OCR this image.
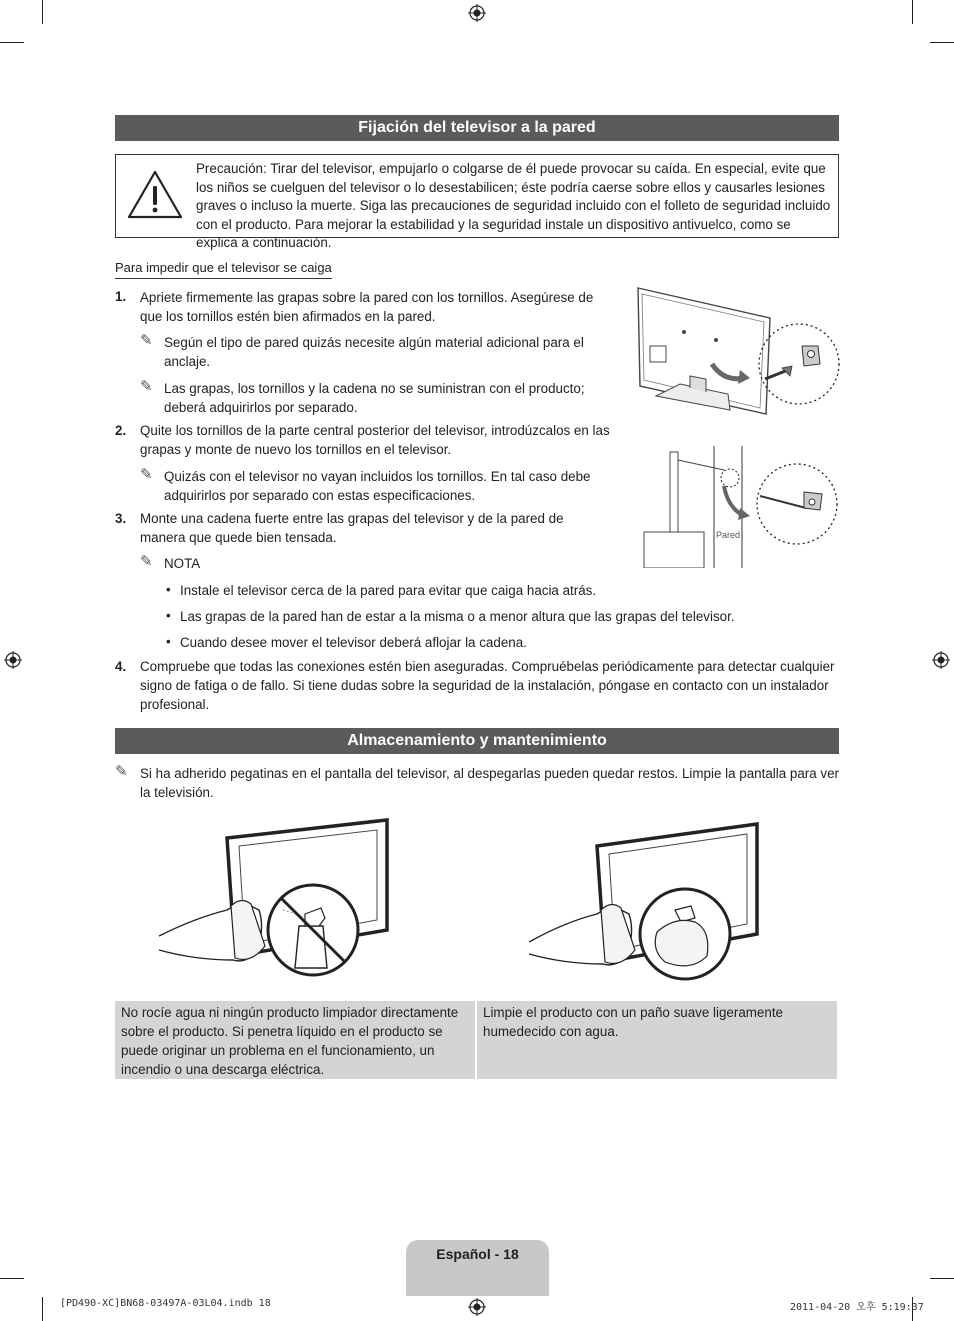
Fijación del televisor a la pared
Precaución: Tirar del televisor, empujarlo o colgarse de él puede provocar su caída. En especial, evite que los niños se cuelguen del televisor o lo desestabilicen; éste podría caerse sobre ellos y causarles lesiones graves o incluso la muerte. Siga las precauciones de seguridad incluido con el folleto de seguridad incluido con el producto. Para mejorar la estabilidad y la seguridad instale un dispositivo antivuelco, como se explica a continuación.
Para impedir que el televisor se caiga
1. Apriete firmemente las grapas sobre la pared con los tornillos. Asegúrese de que los tornillos estén bien afirmados en la pared.
✎ Según el tipo de pared quizás necesite algún material adicional para el anclaje.
✎ Las grapas, los tornillos y la cadena no se suministran con el producto; deberá adquirirlos por separado.
2. Quite los tornillos de la parte central posterior del televisor, introdúzcalos en las grapas y monte de nuevo los tornillos en el televisor.
✎ Quizás con el televisor no vayan incluidos los tornillos. En tal caso debe adquirirlos por separado con estas especificaciones.
3. Monte una cadena fuerte entre las grapas del televisor y de la pared de manera que quede bien tensada.
✎ NOTA
• Instale el televisor cerca de la pared para evitar que caiga hacia atrás.
• Las grapas de la pared han de estar a la misma o a menor altura que las grapas del televisor.
• Cuando desee mover el televisor deberá aflojar la cadena.
4. Compruebe que todas las conexiones estén bien aseguradas. Compruébelas periódicamente para detectar cualquier signo de fatiga o de fallo. Si tiene dudas sobre la seguridad de la instalación, póngase en contacto con un instalador profesional.
Pared
Almacenamiento y mantenimiento
✎ Si ha adherido pegatinas en el pantalla del televisor, al despegarlas pueden quedar restos. Limpie la pantalla para ver la televisión.
No rocíe agua ni ningún producto limpiador directamente sobre el producto. Si penetra líquido en el producto se puede originar un problema en el funcionamiento, un incendio o una descarga eléctrica.
Limpie el producto con un paño suave ligeramente humedecido con agua.
Español - 18
[PD490-XC]BN68-03497A-03L04.indb 18	2011-04-20 오후 5:19:37
